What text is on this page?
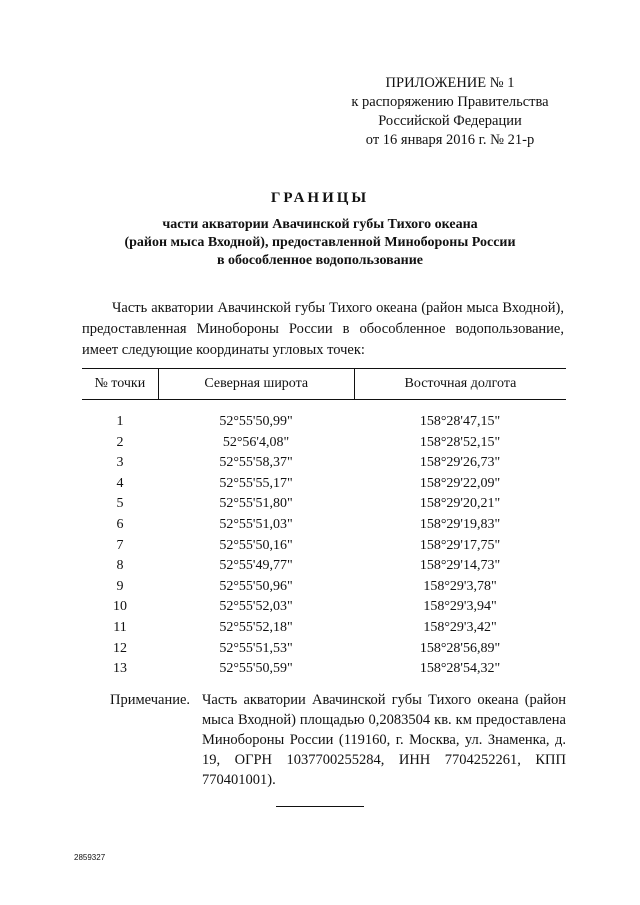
ПРИЛОЖЕНИЕ № 1
к распоряжению Правительства
Российской Федерации
от 16 января 2016 г. № 21-р
ГРАНИЦЫ
части акватории Авачинской губы Тихого океана
(район мыса Входной), предоставленной Минобороны России
в обособленное водопользование
Часть акватории Авачинской губы Тихого океана (район мыса Входной), предоставленная Минобороны России в обособленное водопользование, имеет следующие координаты угловых точек:
№ точки	Северная широта	Восточная долгота
1	52°55'50,99"	158°28'47,15"
2	52°56'4,08"	158°28'52,15"
3	52°55'58,37"	158°29'26,73"
4	52°55'55,17"	158°29'22,09"
5	52°55'51,80"	158°29'20,21"
6	52°55'51,03"	158°29'19,83"
7	52°55'50,16"	158°29'17,75"
8	52°55'49,77"	158°29'14,73"
9	52°55'50,96"	158°29'3,78"
10	52°55'52,03"	158°29'3,94"
11	52°55'52,18"	158°29'3,42"
12	52°55'51,53"	158°28'56,89"
13	52°55'50,59"	158°28'54,32"
Примечание. Часть акватории Авачинской губы Тихого океана (район мыса Входной) площадью 0,2083504 кв. км предоставлена Минобороны России (119160, г. Москва, ул. Знаменка, д. 19, ОГРН 1037700255284, ИНН 7704252261, КПП 770401001).
2859327
